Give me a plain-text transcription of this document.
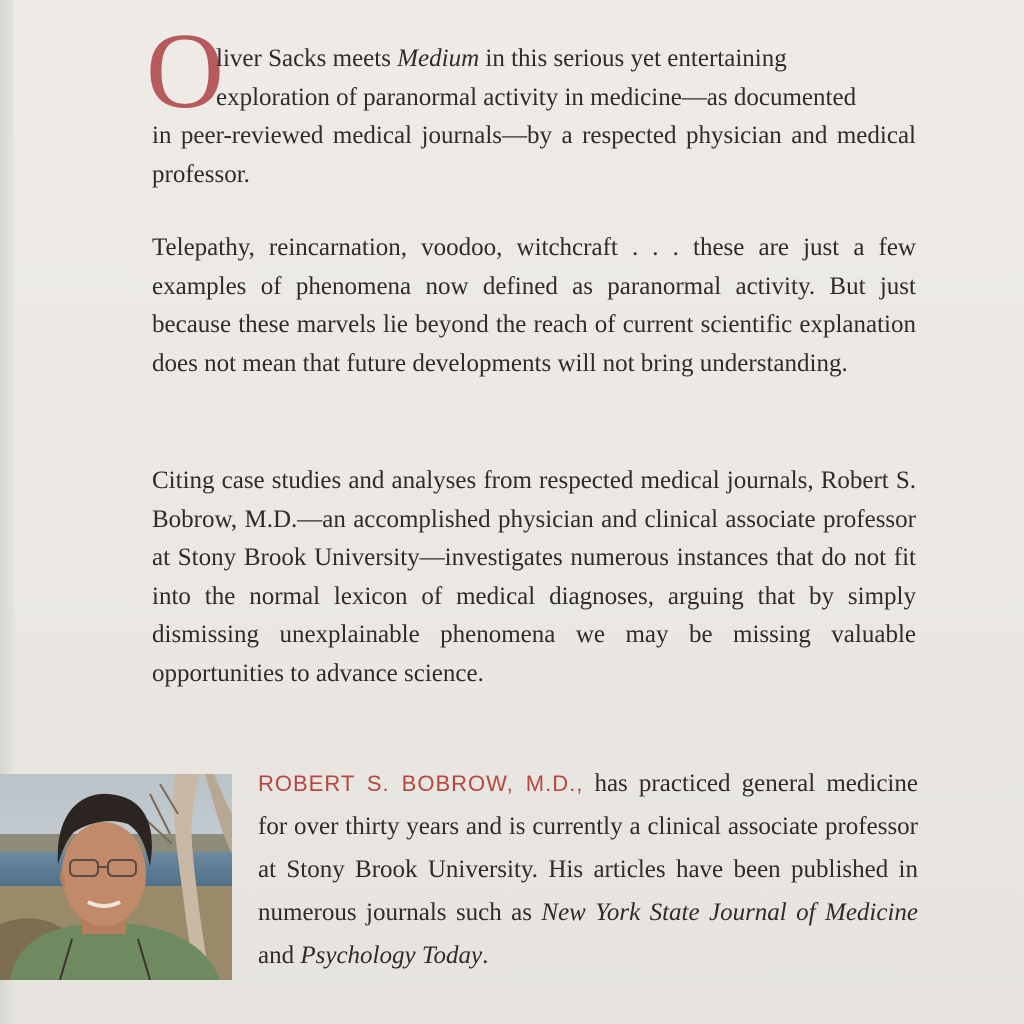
O

liver Sacks meets Medium in this serious yet entertaining
exploration of paranormal activity in medicine—as documented
in peer-reviewed medical journals—by a respected physician and medical professor.

Telepathy, reincarnation, voodoo, witchcraft . . . these are just a few examples of phenomena now defined as paranormal activity. But just because these marvels lie beyond the reach of current scientific explanation does not mean that future developments will not bring understanding.

Citing case studies and analyses from respected medical journals, Robert S. Bobrow, M.D.—an accomplished physician and clinical associate professor at Stony Brook University—investigates numerous instances that do not fit into the normal lexicon of medical diagnoses, arguing that by simply dismissing unexplainable phenomena we may be missing valuable opportunities to advance science.

ROBERT S. BOBROW, M.D., has practiced general medicine for over thirty years and is currently a clinical associate professor at Stony Brook University. His articles have been published in numerous journals such as New York State Journal of Medicine and Psychology Today.
